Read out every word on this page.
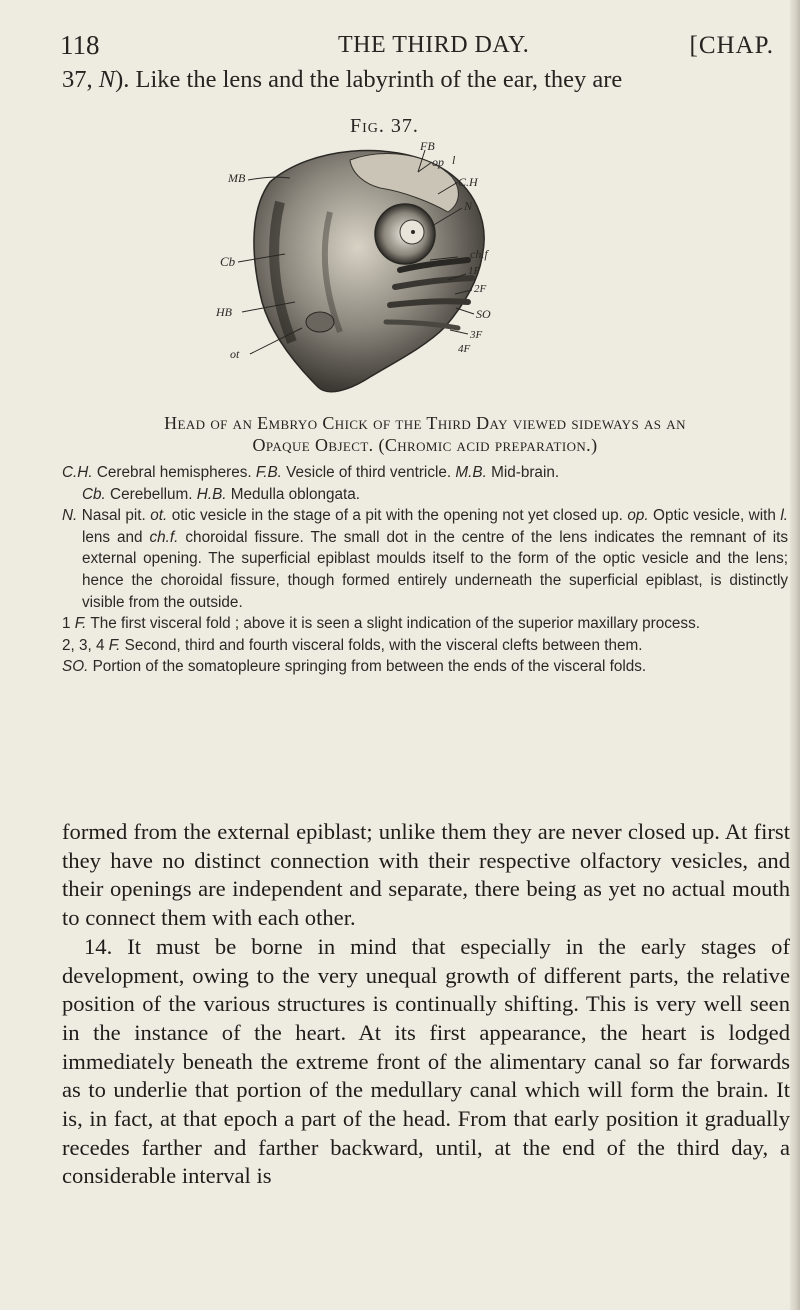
118	THE THIRD DAY.	[CHAP.
37, N). Like the lens and the labyrinth of the ear, they are
Fig. 37.
FB
MB
op l
C.H
N
Cb	ch.f
1F
2F
HB	SO
3F
4F
ot
Head of an Embryo Chick of the Third Day viewed sideways as an
Opaque Object. (Chromic acid preparation.)

C.H. Cerebral hemispheres. F.B. Vesicle of third ventricle. M.B. Mid-brain.

Cb. Cerebellum. H.B. Medulla oblongata.

N. Nasal pit. ot. otic vesicle in the stage of a pit with the opening not yet closed up. op. Optic vesicle, with l. lens and ch.f. choroidal fissure. The small dot in the centre of the lens indicates the remnant of its external opening. The superficial epiblast moulds itself to the form of the optic vesicle and the lens; hence the choroidal fissure, though formed entirely underneath the superficial epiblast, is distinctly visible from the outside.

1 F. The first visceral fold ; above it is seen a slight indication of the superior maxillary process.

2, 3, 4 F. Second, third and fourth visceral folds, with the visceral clefts between them.

SO. Portion of the somatopleure springing from between the ends of the visceral folds.

formed from the external epiblast; unlike them they are never closed up. At first they have no distinct connection with their respective olfactory vesicles, and their openings are independent and separate, there being as yet no actual mouth to connect them with each other.

14. It must be borne in mind that especially in the early stages of development, owing to the very unequal growth of different parts, the relative position of the various structures is continually shifting. This is very well seen in the instance of the heart. At its first appearance, the heart is lodged immediately beneath the extreme front of the alimentary canal so far forwards as to underlie that portion of the medullary canal which will form the brain. It is, in fact, at that epoch a part of the head. From that early position it gradually recedes farther and farther backward, until, at the end of the third day, a considerable interval is
